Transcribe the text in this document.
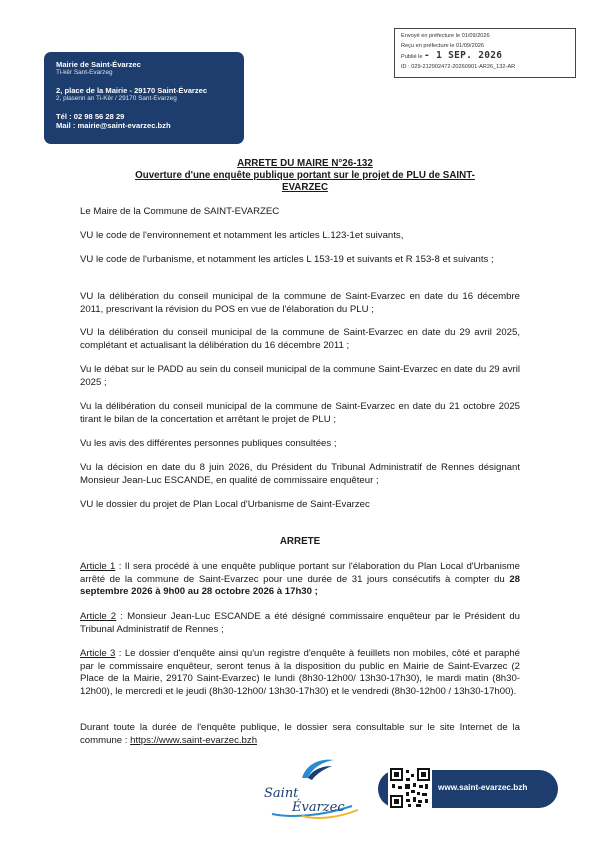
Mairie de Saint-Évarzec
Ti-kêr Sant-Evarzeg
2, place de la Mairie - 29170 Saint-Évarzec
2, plasenn an Ti-Kêr / 29170 Sant-Evarzeg
Tél : 02 98 56 28 29
Mail : mairie@saint-evarzec.bzh
Envoyé en préfecture le 01/09/2026
Reçu en préfecture le 01/09/2026
Publié le - 1 SEP. 2026
ID : 029-212902472-20260901-AR26_132-AR
ARRETE DU MAIRE N°26-132
Ouverture d'une enquête publique portant sur le projet de PLU de SAINT-EVARZEC
Le Maire de la Commune de SAINT-EVARZEC
VU le code de l'environnement et notamment les articles L.123-1et suivants,
VU le code de l'urbanisme, et notamment les articles L 153-19 et suivants et R 153-8 et suivants ;
VU la délibération du conseil municipal de la commune de Saint-Evarzec en date du 16 décembre 2011, prescrivant la révision du POS en vue de l'élaboration du PLU ;
VU la délibération du conseil municipal de la commune de Saint-Evarzec en date du 29 avril 2025, complétant et actualisant la délibération du 16 décembre 2011 ;
Vu le débat sur le PADD au sein du conseil municipal de la commune Saint-Evarzec en date du 29 avril 2025 ;
Vu la délibération du conseil municipal de la commune de Saint-Evarzec en date du 21 octobre 2025 tirant le bilan de la concertation et arrêtant le projet de PLU ;
Vu les avis des différentes personnes publiques consultées ;
Vu la décision en date du 8 juin 2026, du Président du Tribunal Administratif de Rennes désignant Monsieur Jean-Luc ESCANDE, en qualité de commissaire enquêteur ;
VU le dossier du projet de Plan Local d'Urbanisme de Saint-Evarzec
ARRETE
Article 1 : Il sera procédé à une enquête publique portant sur l'élaboration du Plan Local d'Urbanisme arrêté de la commune de Saint-Evarzec pour une durée de 31 jours consécutifs à compter du 28 septembre 2026 à 9h00 au 28 octobre 2026 à 17h30 ;
Article 2 : Monsieur Jean-Luc ESCANDE a été désigné commissaire enquêteur par le Président du Tribunal Administratif de Rennes ;
Article 3 : Le dossier d'enquête ainsi qu'un registre d'enquête à feuillets non mobiles, côté et paraphé par le commissaire enquêteur, seront tenus à la disposition du public en Mairie de Saint-Evarzec (2 Place de la Mairie, 29170 Saint-Evarzec) le lundi (8h30-12h00/ 13h30-17h30), le mardi matin (8h30-12h00), le mercredi et le jeudi (8h30-12h00/ 13h30-17h30) et le vendredi (8h30-12h00 / 13h30-17h00).
Durant toute la durée de l'enquête publique, le dossier sera consultable sur le site Internet de la commune : https://www.saint-evarzec.bzh
Saint
Évarzec
www.saint-evarzec.bzh
